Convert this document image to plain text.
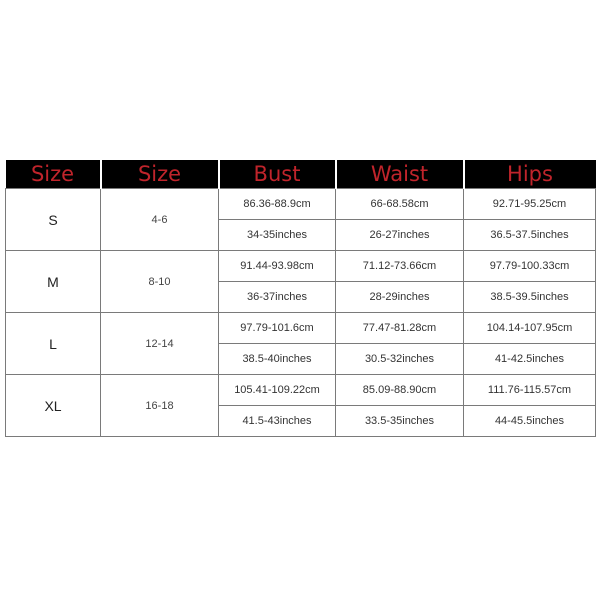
Size	Size	Bust	Waist	Hips
S	4-6	86.36-88.9cm	66-68.58cm	92.71-95.25cm
		34-35inches	26-27inches	36.5-37.5inches
M	8-10	91.44-93.98cm	71.12-73.66cm	97.79-100.33cm
		36-37inches	28-29inches	38.5-39.5inches
L	12-14	97.79-101.6cm	77.47-81.28cm	104.14-107.95cm
		38.5-40inches	30.5-32inches	41-42.5inches
XL	16-18	105.41-109.22cm	85.09-88.90cm	111.76-115.57cm
		41.5-43inches	33.5-35inches	44-45.5inches
